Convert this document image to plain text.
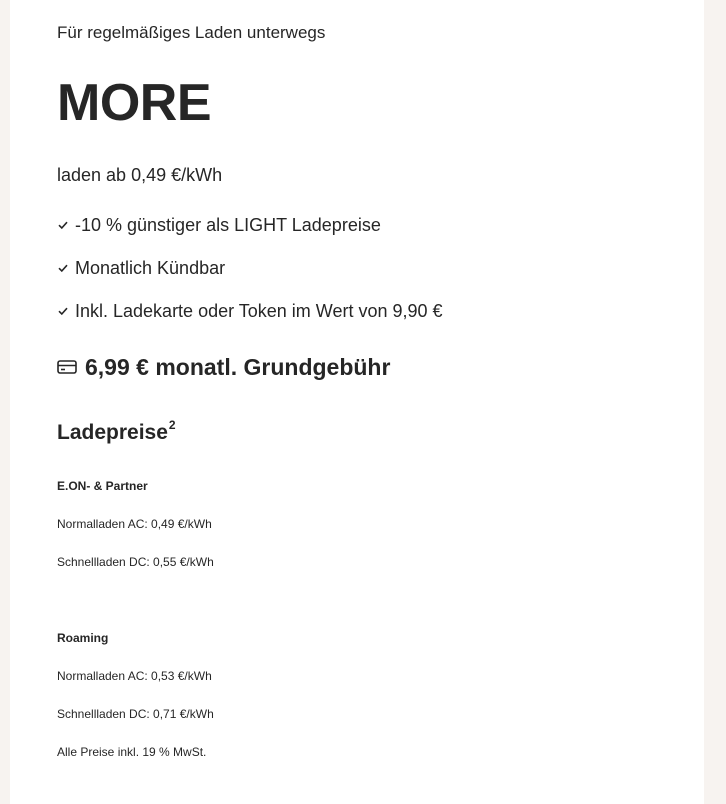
Für regelmäßiges Laden unterwegs
MORE
laden ab 0,49 €/kWh
-10 % günstiger als LIGHT Ladepreise
Monatlich Kündbar
Inkl. Ladekarte oder Token im Wert von 9,90 €
6,99 € monatl. Grundgebühr
Ladepreise$^2$
E.ON- & Partner
Normalladen AC: 0,49 €/kWh
Schnellladen DC: 0,55 €/kWh
Roaming
Normalladen AC: 0,53 €/kWh
Schnellladen DC: 0,71 €/kWh
Alle Preise inkl. 19 % MwSt.
